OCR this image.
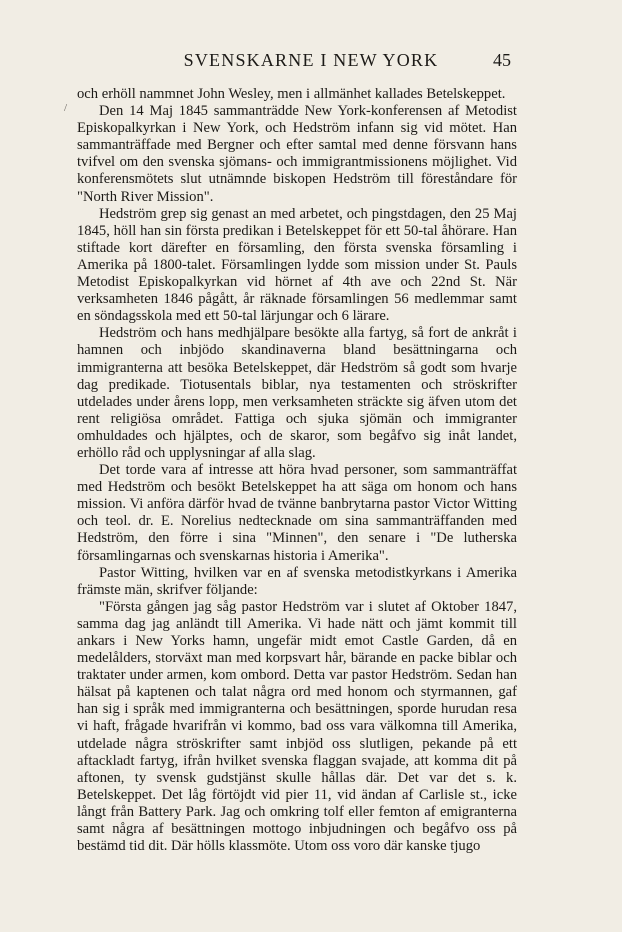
SVENSKARNE I NEW YORK	45
/

och erhöll nammnet John Wesley, men i allmänhet kallades Betelskeppet.

Den 14 Maj 1845 sammanträdde New York-konferensen af Metodist Episkopalkyrkan i New York, och Hedström infann sig vid mötet. Han sammanträffade med Bergner och efter samtal med denne försvann hans tvifvel om den svenska sjömans- och immigrantmissionens möjlighet. Vid konferensmötets slut utnämnde biskopen Hedström till föreståndare för "North River Mission".

Hedström grep sig genast an med arbetet, och pingstdagen, den 25 Maj 1845, höll han sin första predikan i Betelskeppet för ett 50-tal åhörare. Han stiftade kort därefter en församling, den första svenska församling i Amerika på 1800-talet. Församlingen lydde som mission under St. Pauls Metodist Episkopalkyrkan vid hörnet af 4th ave och 22nd St. När verksamheten 1846 pågått, år räknade församlingen 56 medlemmar samt en söndagsskola med ett 50-tal lärjungar och 6 lärare.

Hedström och hans medhjälpare besökte alla fartyg, så fort de ankråt i hamnen och inbjödo skandinaverna bland besättningarna och immigranterna att besöka Betelskeppet, där Hedström så godt som hvarje dag predikade. Tiotusentals biblar, nya testamenten och ströskrifter utdelades under årens lopp, men verksamheten sträckte sig äfven utom det rent religiösa området. Fattiga och sjuka sjömän och immigranter omhuldades och hjälptes, och de skaror, som begåfvo sig inåt landet, erhöllo råd och upplysningar af alla slag.

Det torde vara af intresse att höra hvad personer, som sammanträffat med Hedström och besökt Betelskeppet ha att säga om honom och hans mission. Vi anföra därför hvad de tvänne banbrytarna pastor Victor Witting och teol. dr. E. Norelius nedtecknade om sina sammanträffanden med Hedström, den förre i sina "Minnen", den senare i "De lutherska församlingarnas och svenskarnas historia i Amerika".

Pastor Witting, hvilken var en af svenska metodistkyrkans i Amerika främste män, skrifver följande:

"Första gången jag såg pastor Hedström var i slutet af Oktober 1847, samma dag jag anländt till Amerika. Vi hade nätt och jämt kommit till ankars i New Yorks hamn, ungefär midt emot Castle Garden, då en medelålders, storväxt man med korpsvart hår, bärande en packe biblar och traktater under armen, kom ombord. Detta var pastor Hedström. Sedan han hälsat på kaptenen och talat några ord med honom och styrmannen, gaf han sig i språk med immigranterna och besättningen, sporde hurudan resa vi haft, frågade hvarifrån vi kommo, bad oss vara välkomna till Amerika, utdelade några ströskrifter samt inbjöd oss slutligen, pekande på ett aftackladt fartyg, ifrån hvilket svenska flaggan svajade, att komma dit på aftonen, ty svensk gudstjänst skulle hållas där. Det var det s. k. Betelskeppet. Det låg förtöjdt vid pier 11, vid ändan af Carlisle st., icke långt från Battery Park. Jag och omkring tolf eller femton af emigranterna samt några af besättningen mottogo inbjudningen och begåfvo oss på bestämd tid dit. Där hölls klassmöte. Utom oss voro där kanske tjugo
